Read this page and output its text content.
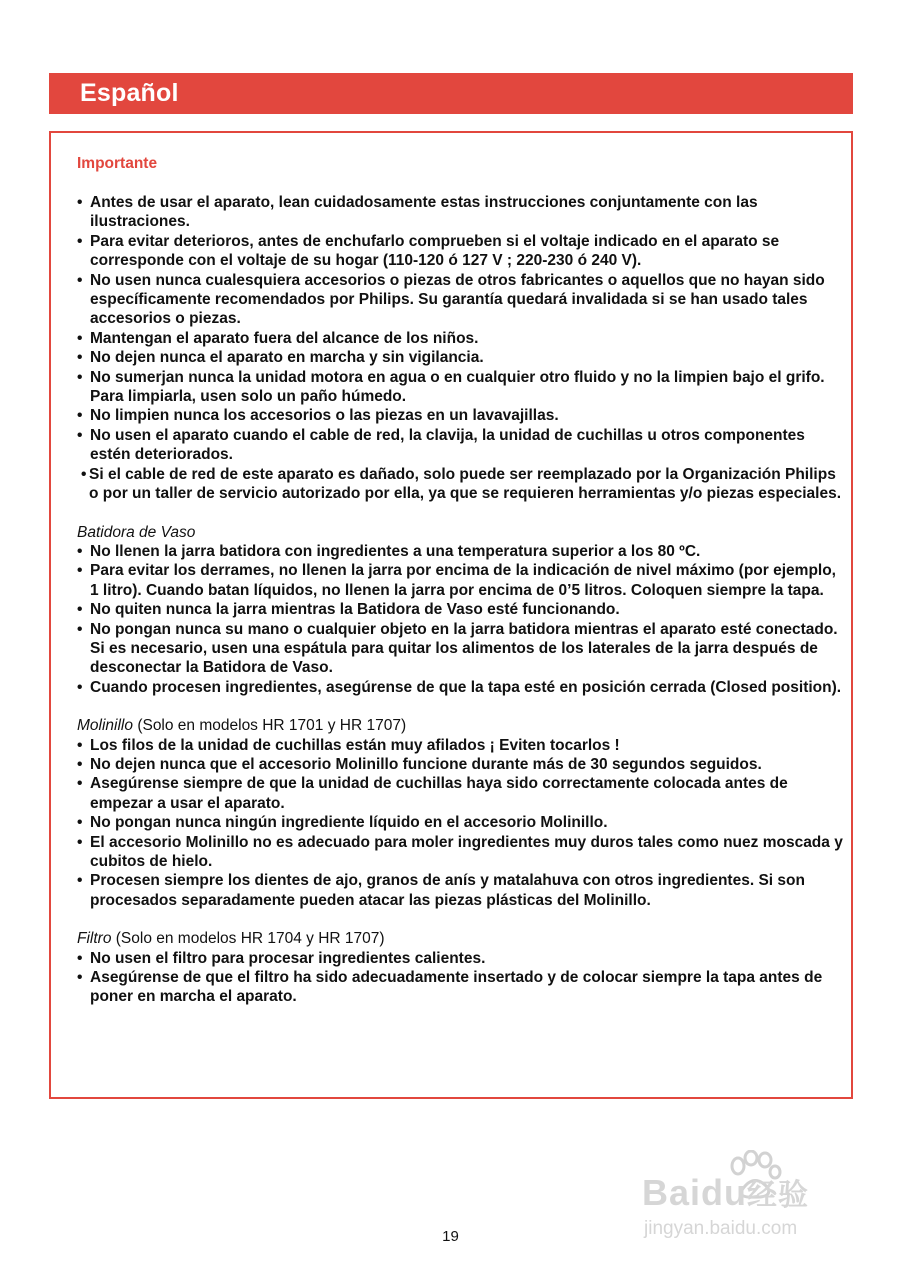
Español
Importante
• Antes de usar el aparato, lean cuidadosamente estas instrucciones conjuntamente con las ilustraciones.
• Para evitar deterioros, antes de enchufarlo comprueben si el voltaje indicado en el aparato se corresponde con el voltaje de su hogar (110-120 ó 127 V ; 220-230 ó 240 V).
• No usen nunca cualesquiera accesorios o piezas de otros fabricantes o aquellos que no hayan sido específicamente recomendados por Philips. Su garantía quedará invalidada si se han usado tales accesorios o piezas.
• Mantengan el aparato fuera del alcance de los niños.
• No dejen nunca el aparato en marcha y sin vigilancia.
• No sumerjan nunca la unidad motora en agua o en cualquier otro fluido y no la limpien bajo el grifo. Para limpiarla, usen solo un paño húmedo.
• No limpien nunca los accesorios o las piezas en un lavavajillas.
• No usen el aparato cuando el cable de red, la clavija, la unidad de cuchillas u otros componentes estén deteriorados.
• Si el cable de red de este aparato es dañado, solo puede ser reemplazado por la Organización Philips o por un taller de servicio autorizado por ella, ya que se requieren herramientas y/o piezas especiales.
Batidora de Vaso
• No llenen la jarra batidora con ingredientes a una temperatura superior a los 80 ºC.
• Para evitar los derrames, no llenen la jarra por encima de la indicación de nivel máximo (por ejemplo, 1 litro). Cuando batan líquidos, no llenen la jarra por encima de 0’5 litros. Coloquen siempre la tapa.
• No quiten nunca la jarra mientras la Batidora de Vaso esté funcionando.
• No pongan nunca su mano o cualquier objeto en la jarra batidora mientras el aparato esté conectado. Si es necesario, usen una espátula para quitar los alimentos de los laterales de la jarra después de desconectar la Batidora de Vaso.
• Cuando procesen ingredientes, asegúrense de que la tapa esté en posición cerrada (Closed position).
Molinillo (Solo en modelos HR 1701 y HR 1707)
• Los filos de la unidad de cuchillas están muy afilados ¡ Eviten tocarlos !
• No dejen nunca que el accesorio Molinillo funcione durante más de 30 segundos seguidos.
• Asegúrense siempre de que la unidad de cuchillas haya sido correctamente colocada antes de empezar a usar el aparato.
• No pongan nunca ningún ingrediente líquido en el accesorio Molinillo.
• El accesorio Molinillo no es adecuado para moler ingredientes muy duros tales como nuez moscada y cubitos de hielo.
• Procesen siempre los dientes de ajo, granos de anís y matalahuva con otros ingredientes. Si son procesados separadamente pueden atacar las piezas plásticas del Molinillo.
Filtro (Solo en modelos HR 1704 y HR 1707)
• No usen el filtro para procesar ingredientes calientes.
• Asegúrense de que el filtro ha sido adecuadamente insertado y de colocar siempre la tapa antes de poner en marcha el aparato.
Baidu经验
jingyan.baidu.com
19
